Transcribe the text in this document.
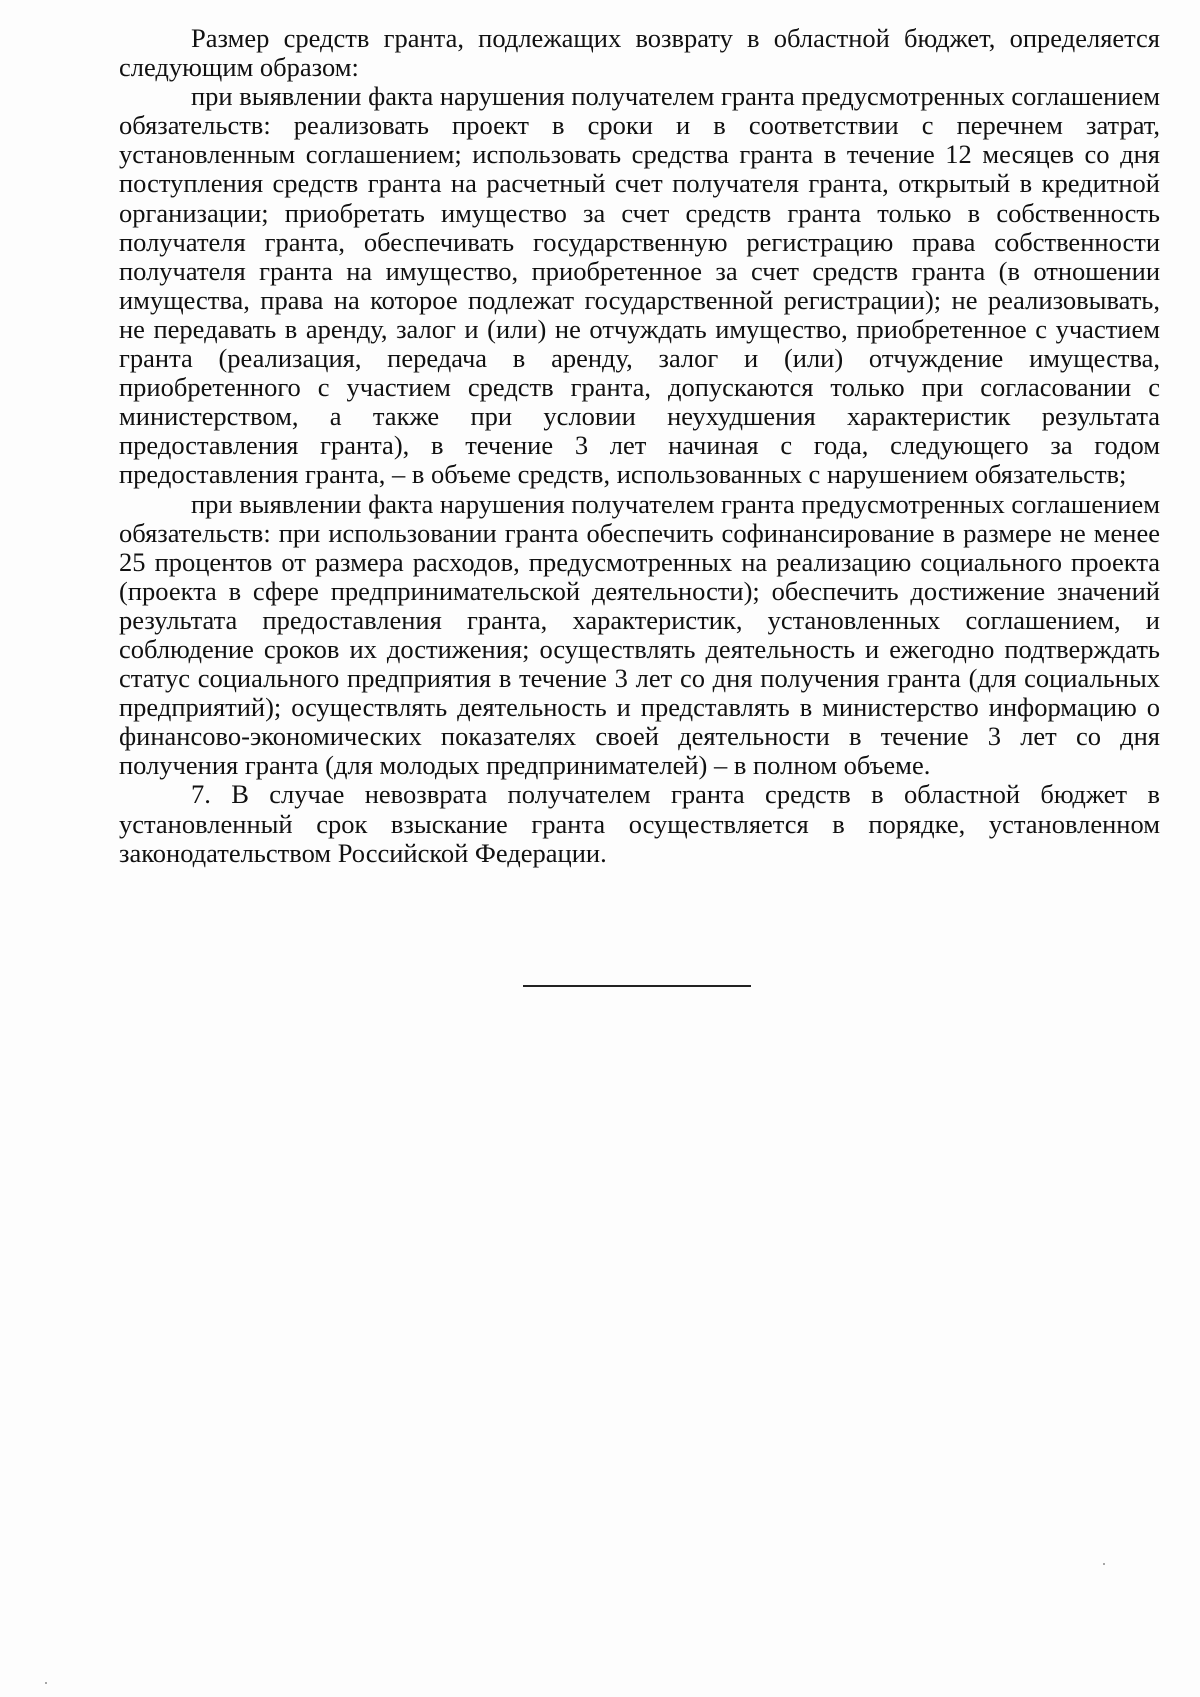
Размер средств гранта, подлежащих возврату в областной бюджет, определяется следующим образом:

при выявлении факта нарушения получателем гранта предусмотренных соглашением обязательств: реализовать проект в сроки и в соответствии с перечнем затрат, установленным соглашением; использовать средства гранта в течение 12 месяцев со дня поступления средств гранта на расчетный счет получателя гранта, открытый в кредитной организации; приобретать имущество за счет средств гранта только в собственность получателя гранта, обеспечивать государственную регистрацию права собственности получателя гранта на имущество, приобретенное за счет средств гранта (в отношении имущества, права на которое подлежат государственной регистрации); не реализовывать, не передавать в аренду, залог и (или) не отчуждать имущество, приобретенное с участием гранта (реализация, передача в аренду, залог и (или) отчуждение имущества, приобретенного с участием средств гранта, допускаются только при согласовании с министерством, а также при условии неухудшения характеристик результата предоставления гранта), в течение 3 лет начиная с года, следующего за годом предоставления гранта, – в объеме средств, использованных с нарушением обязательств;

при выявлении факта нарушения получателем гранта предусмотренных соглашением обязательств: при использовании гранта обеспечить софинансирование в размере не менее 25 процентов от размера расходов, предусмотренных на реализацию социального проекта (проекта в сфере предпринимательской деятельности); обеспечить достижение значений результата предоставления гранта, характеристик, установленных соглашением, и соблюдение сроков их достижения; осуществлять деятельность и ежегодно подтверждать статус социального предприятия в течение 3 лет со дня получения гранта (для социальных предприятий); осуществлять деятельность и представлять в министерство информацию о финансово-экономических показателях своей деятельности в течение 3 лет со дня получения гранта (для молодых предпринимателей) – в полном объеме.

7. В случае невозврата получателем гранта средств в областной бюджет в установленный срок взыскание гранта осуществляется в порядке, установленном законодательством Российской Федерации.
